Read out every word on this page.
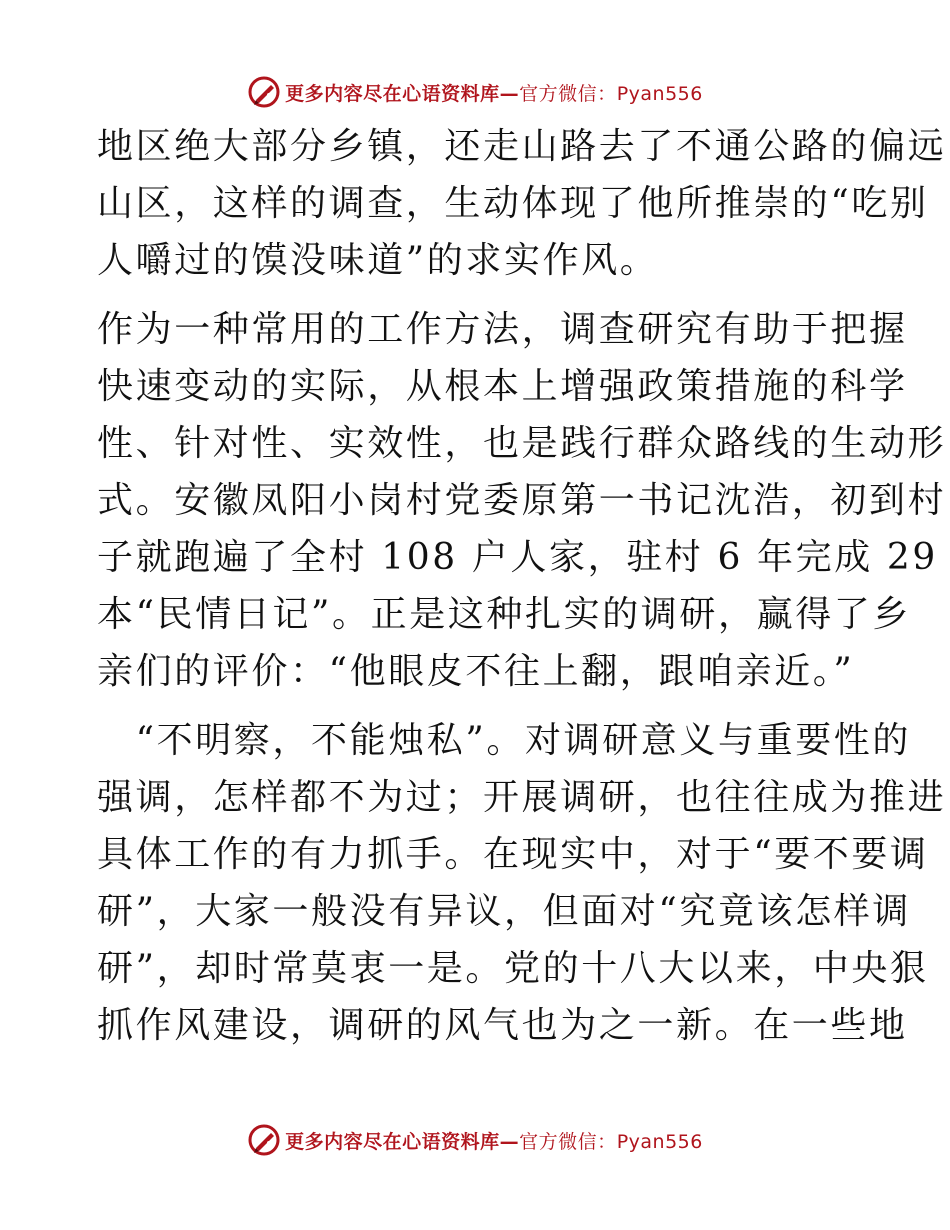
更多内容尽在心语资料库—官方微信：Pyan556

地区绝大部分乡镇，还走山路去了不通公路的偏远
山区，这样的调查，生动体现了他所推崇的“吃别
人嚼过的馍没味道”的求实作风。

作为一种常用的工作方法，调查研究有助于把握
快速变动的实际，从根本上增强政策措施的科学
性、针对性、实效性，也是践行群众路线的生动形
式。安徽凤阳小岗村党委原第一书记沈浩，初到村
子就跑遍了全村 108 户人家，驻村 6 年完成 29
本“民情日记”。正是这种扎实的调研，赢得了乡
亲们的评价：“他眼皮不往上翻，跟咱亲近。”

　“不明察，不能烛私”。对调研意义与重要性的
强调，怎样都不为过；开展调研，也往往成为推进
具体工作的有力抓手。在现实中，对于“要不要调
研”，大家一般没有异议，但面对“究竟该怎样调
研”，却时常莫衷一是。党的十八大以来，中央狠
抓作风建设，调研的风气也为之一新。在一些地

更多内容尽在心语资料库—官方微信：Pyan556
